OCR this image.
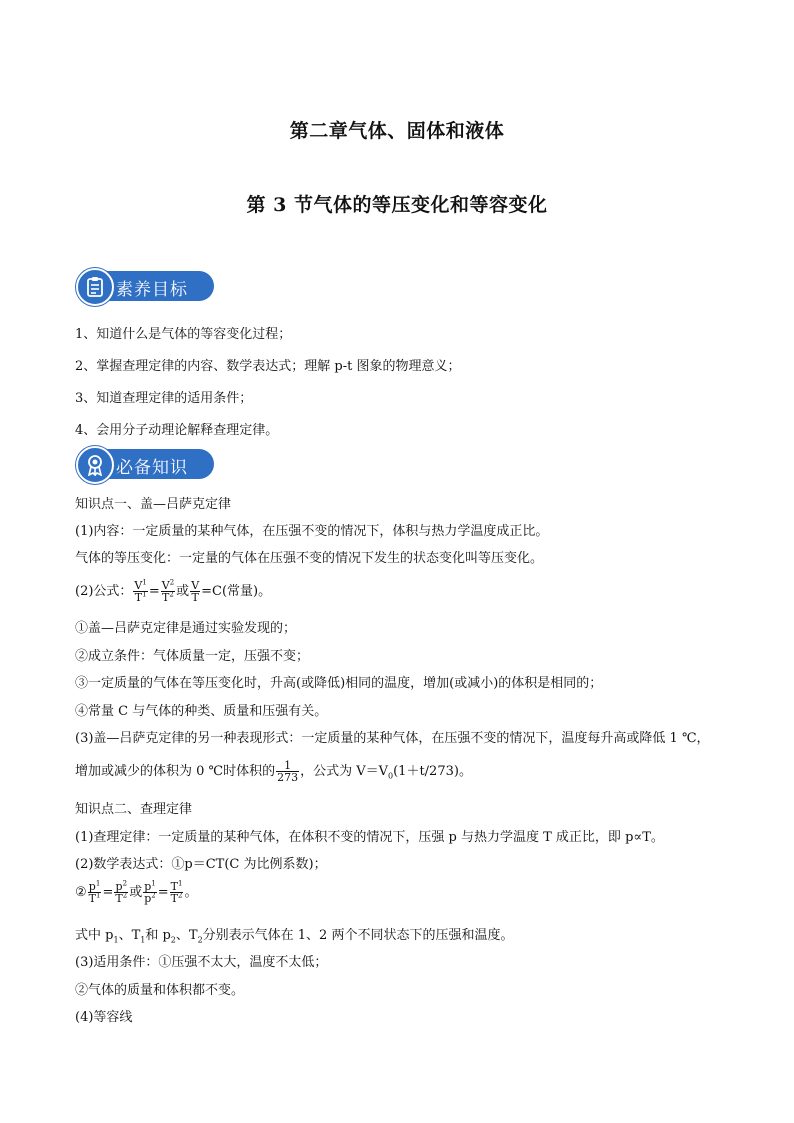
第二章气体、固体和液体
第 3 节气体的等压变化和等容变化
素养目标
1、知道什么是气体的等容变化过程；
2、掌握查理定律的内容、数学表达式；理解 p-t 图象的物理意义；
3、知道查理定律的适用条件；
4、会用分子动理论解释查理定律。
必备知识
知识点一、盖—吕萨克定律
(1)内容：一定质量的某种气体，在压强不变的情况下，体积与热力学温度成正比。
气体的等压变化：一定量的气体在压强不变的情况下发生的状态变化叫等压变化。
(2)公式： $\frac{V^1}{T^1} = \frac{V^2}{T^2}$ 或 $\frac{V}{T} =C$(常量)。
①盖—吕萨克定律是通过实验发现的；
②成立条件：气体质量一定，压强不变；
③一定质量的气体在等压变化时，升高(或降低)相同的温度，增加(或减小)的体积是相同的；
④常量 C 与气体的种类、质量和压强有关。
(3)盖—吕萨克定律的另一种表现形式：一定质量的某种气体，在压强不变的情况下，温度每升高或降低 1 ℃，
增加或减少的体积为 0 ℃时体积的 $\frac{1}{273}$ ，公式为 $V=V_0(1+t/273)$。
知识点二、查理定律
(1)查理定律：一定质量的某种气体，在体积不变的情况下，压强 p 与热力学温度 T 成正比，即 p∝T。
(2)数学表达式：①p＝CT(C 为比例系数)；
② $\frac{p^1}{T^1} = \frac{p^2}{T^2}$ 或 $\frac{p^1}{p^2} = \frac{T^1}{T^2}$ 。
式中 $p_1$、$T_1$和 $p_2$、$T_2$分别表示气体在 1、2 两个不同状态下的压强和温度。
(3)适用条件：①压强不太大，温度不太低；
②气体的质量和体积都不变。
(4)等容线
